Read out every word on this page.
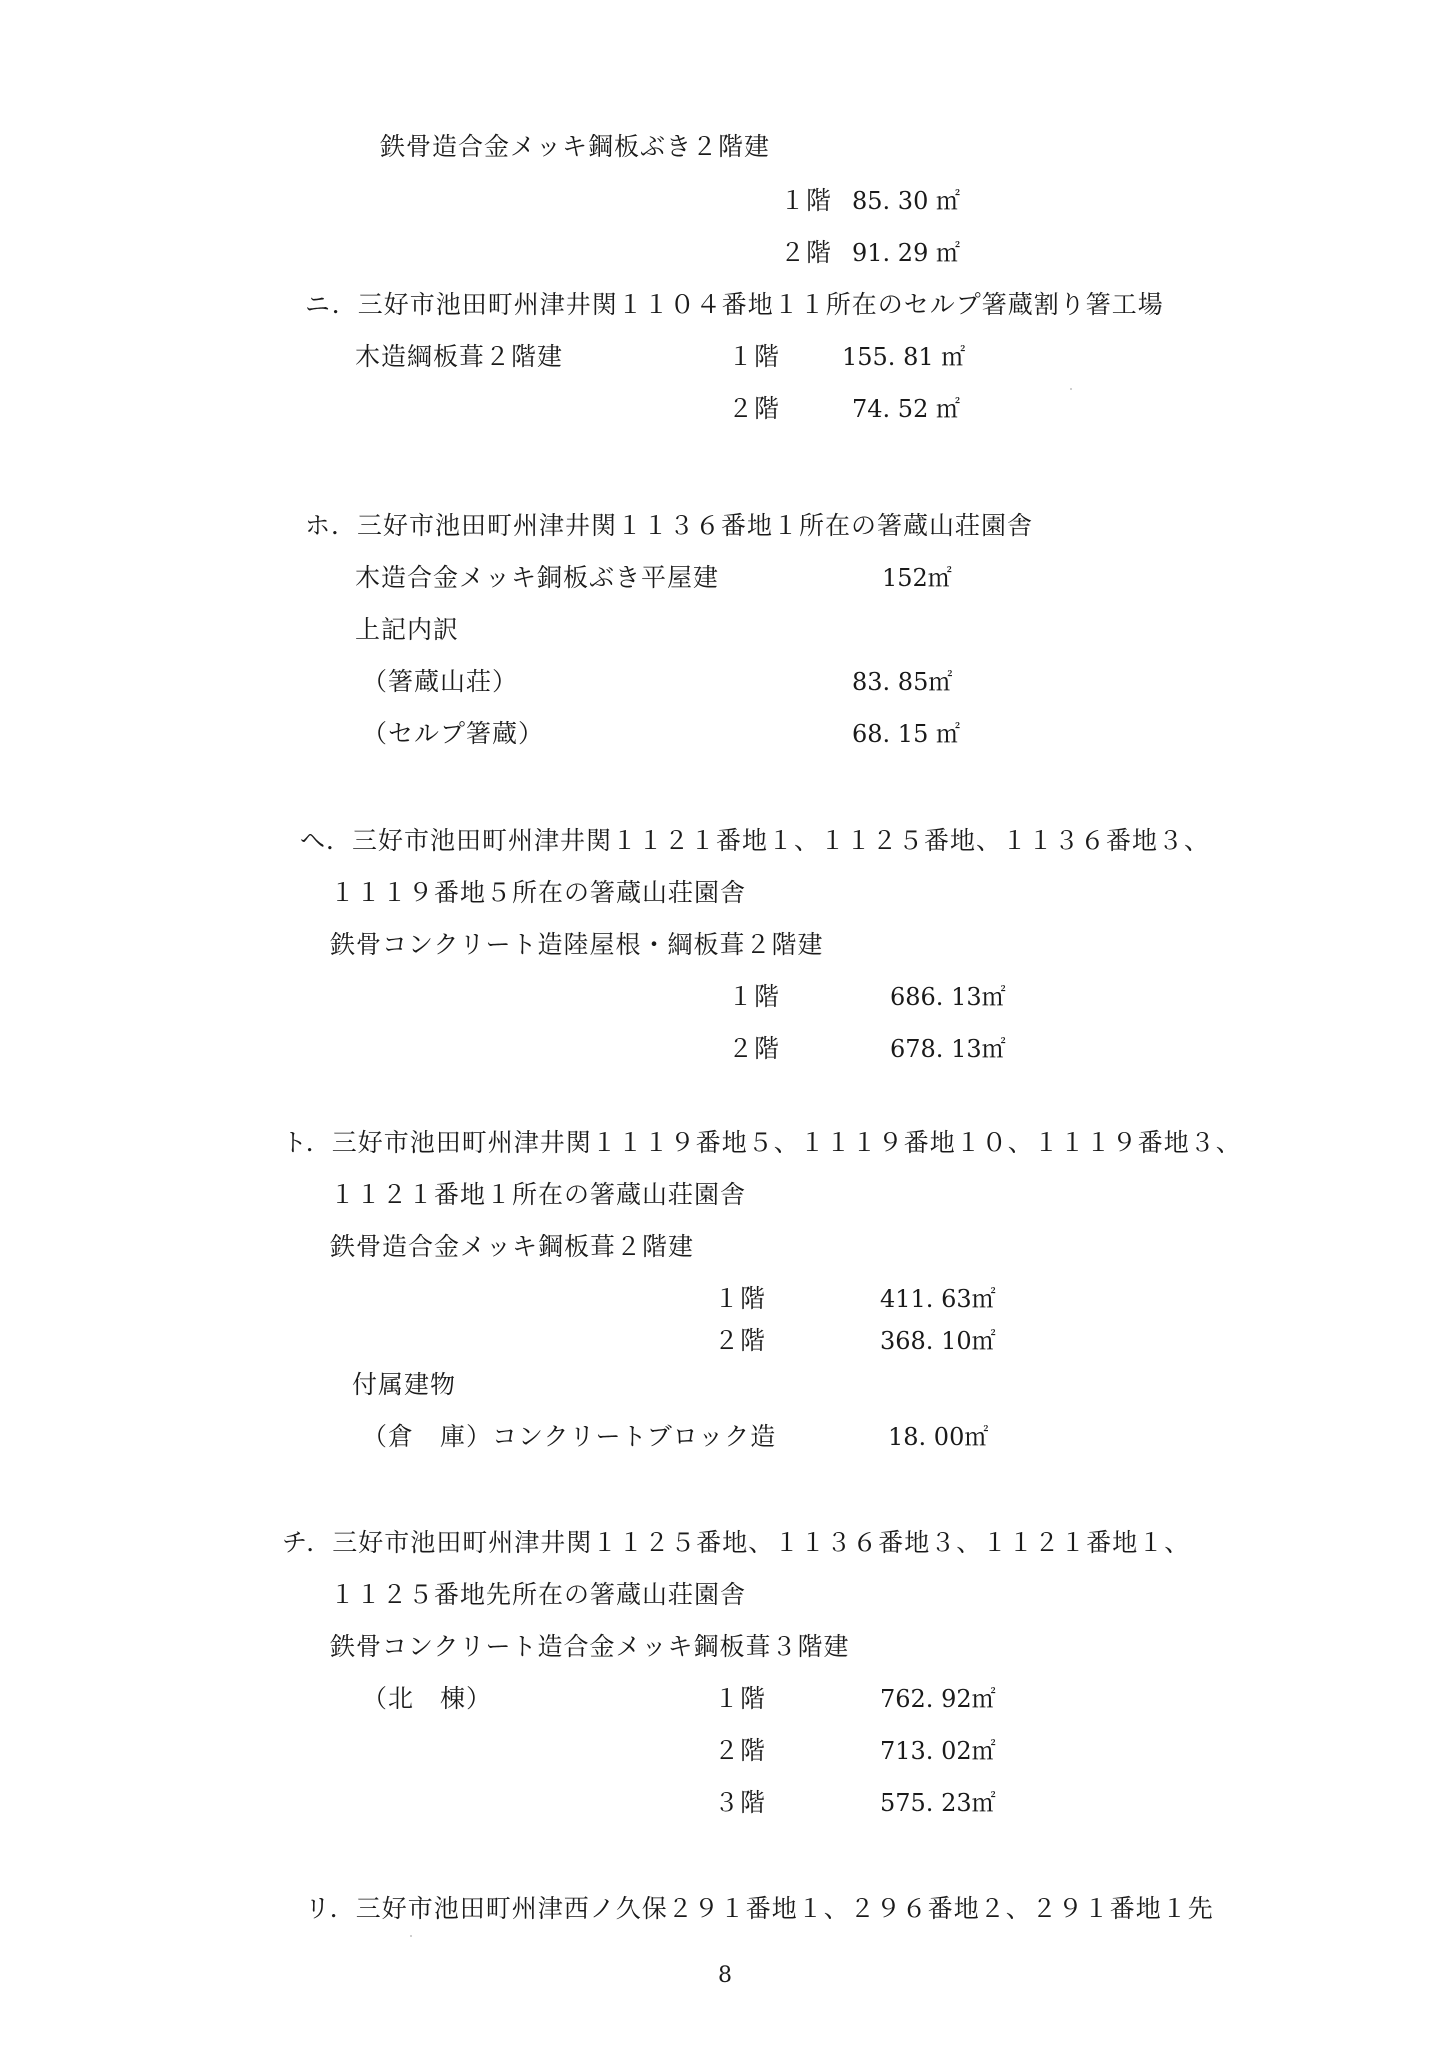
鉄骨造合金メッキ鋼板ぶき２階建
１階 85. 30 ㎡
２階 91. 29 ㎡
ニ．三好市池田町州津井関１１０４番地１１所在のセルプ箸蔵割り箸工場
木造綱板葺２階建	１階	155. 81 ㎡
２階	74. 52 ㎡
ホ．三好市池田町州津井関１１３６番地１所在の箸蔵山荘園舎
木造合金メッキ銅板ぶき平屋建	152㎡
上記内訳
（箸蔵山荘）	83. 85㎡
（セルプ箸蔵）	68. 15 ㎡
へ．三好市池田町州津井関１１２１番地１、１１２５番地、１１３６番地３、
１１１９番地５所在の箸蔵山荘園舎
鉄骨コンクリート造陸屋根・綱板葺２階建
１階	686. 13㎡
２階	678. 13㎡
ト．三好市池田町州津井関１１１９番地５、１１１９番地１０、１１１９番地３、
１１２１番地１所在の箸蔵山荘園舎
鉄骨造合金メッキ鋼板葺２階建
１階	411. 63㎡
２階	368. 10㎡
付属建物
（倉　庫）コンクリートブロック造	18. 00㎡
チ．三好市池田町州津井関１１２５番地、１１３６番地３、１１２１番地１、
１１２５番地先所在の箸蔵山荘園舎
鉄骨コンクリート造合金メッキ鋼板葺３階建
（北　棟）	１階	762. 92㎡
２階	713. 02㎡
３階	575. 23㎡
リ．三好市池田町州津西ノ久保２９１番地１、２９６番地２、２９１番地１先
8
